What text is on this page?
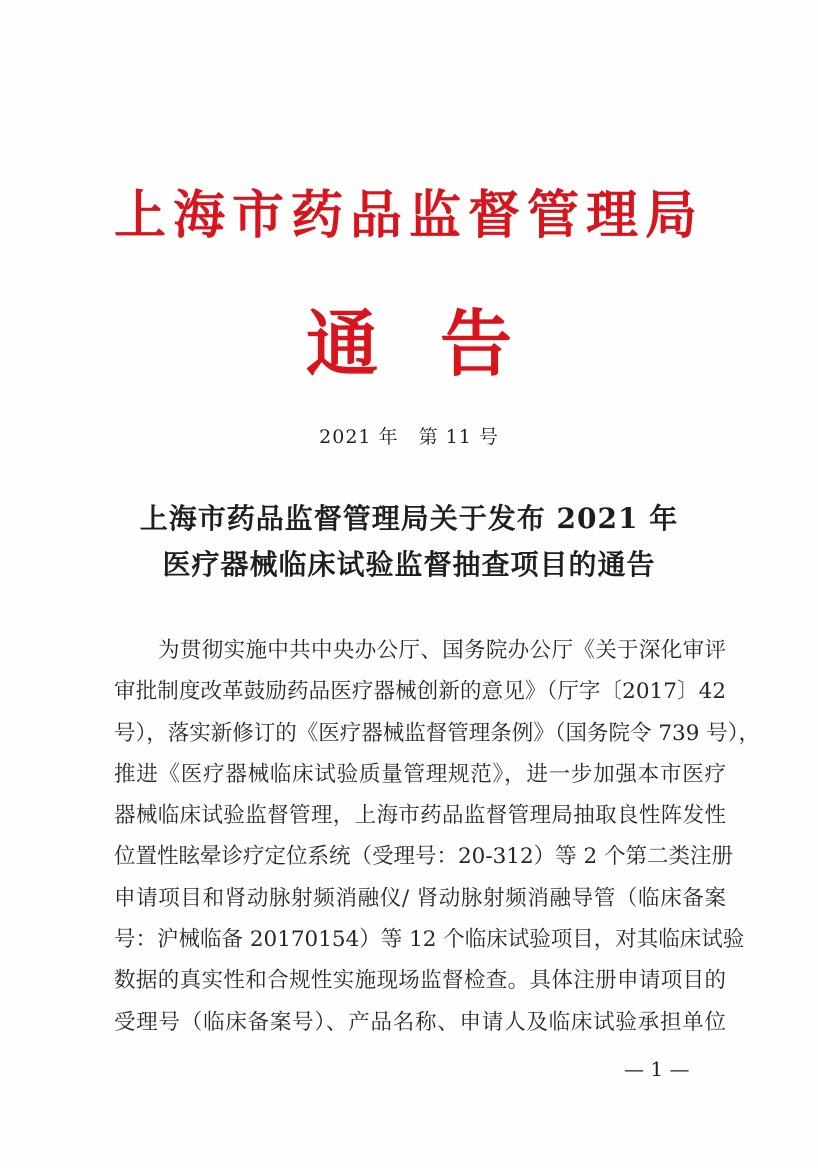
上海市药品监督管理局
通 告
2021 年　第 11 号
上海市药品监督管理局关于发布 2021 年
医疗器械临床试验监督抽查项目的通告
为贯彻实施中共中央办公厅、国务院办公厅《关于深化审评
审批制度改革鼓励药品医疗器械创新的意见》（厅字〔2017〕42
号），落实新修订的《医疗器械监督管理条例》（国务院令 739 号），
推进《医疗器械临床试验质量管理规范》，进一步加强本市医疗
器械临床试验监督管理，上海市药品监督管理局抽取良性阵发性
位置性眩晕诊疗定位系统（受理号：20-312）等 2 个第二类注册
申请项目和肾动脉射频消融仪/ 肾动脉射频消融导管（临床备案
号：沪械临备 20170154）等 12 个临床试验项目，对其临床试验
数据的真实性和合规性实施现场监督检查。具体注册申请项目的
受理号（临床备案号）、产品名称、申请人及临床试验承担单位
— 1 —
